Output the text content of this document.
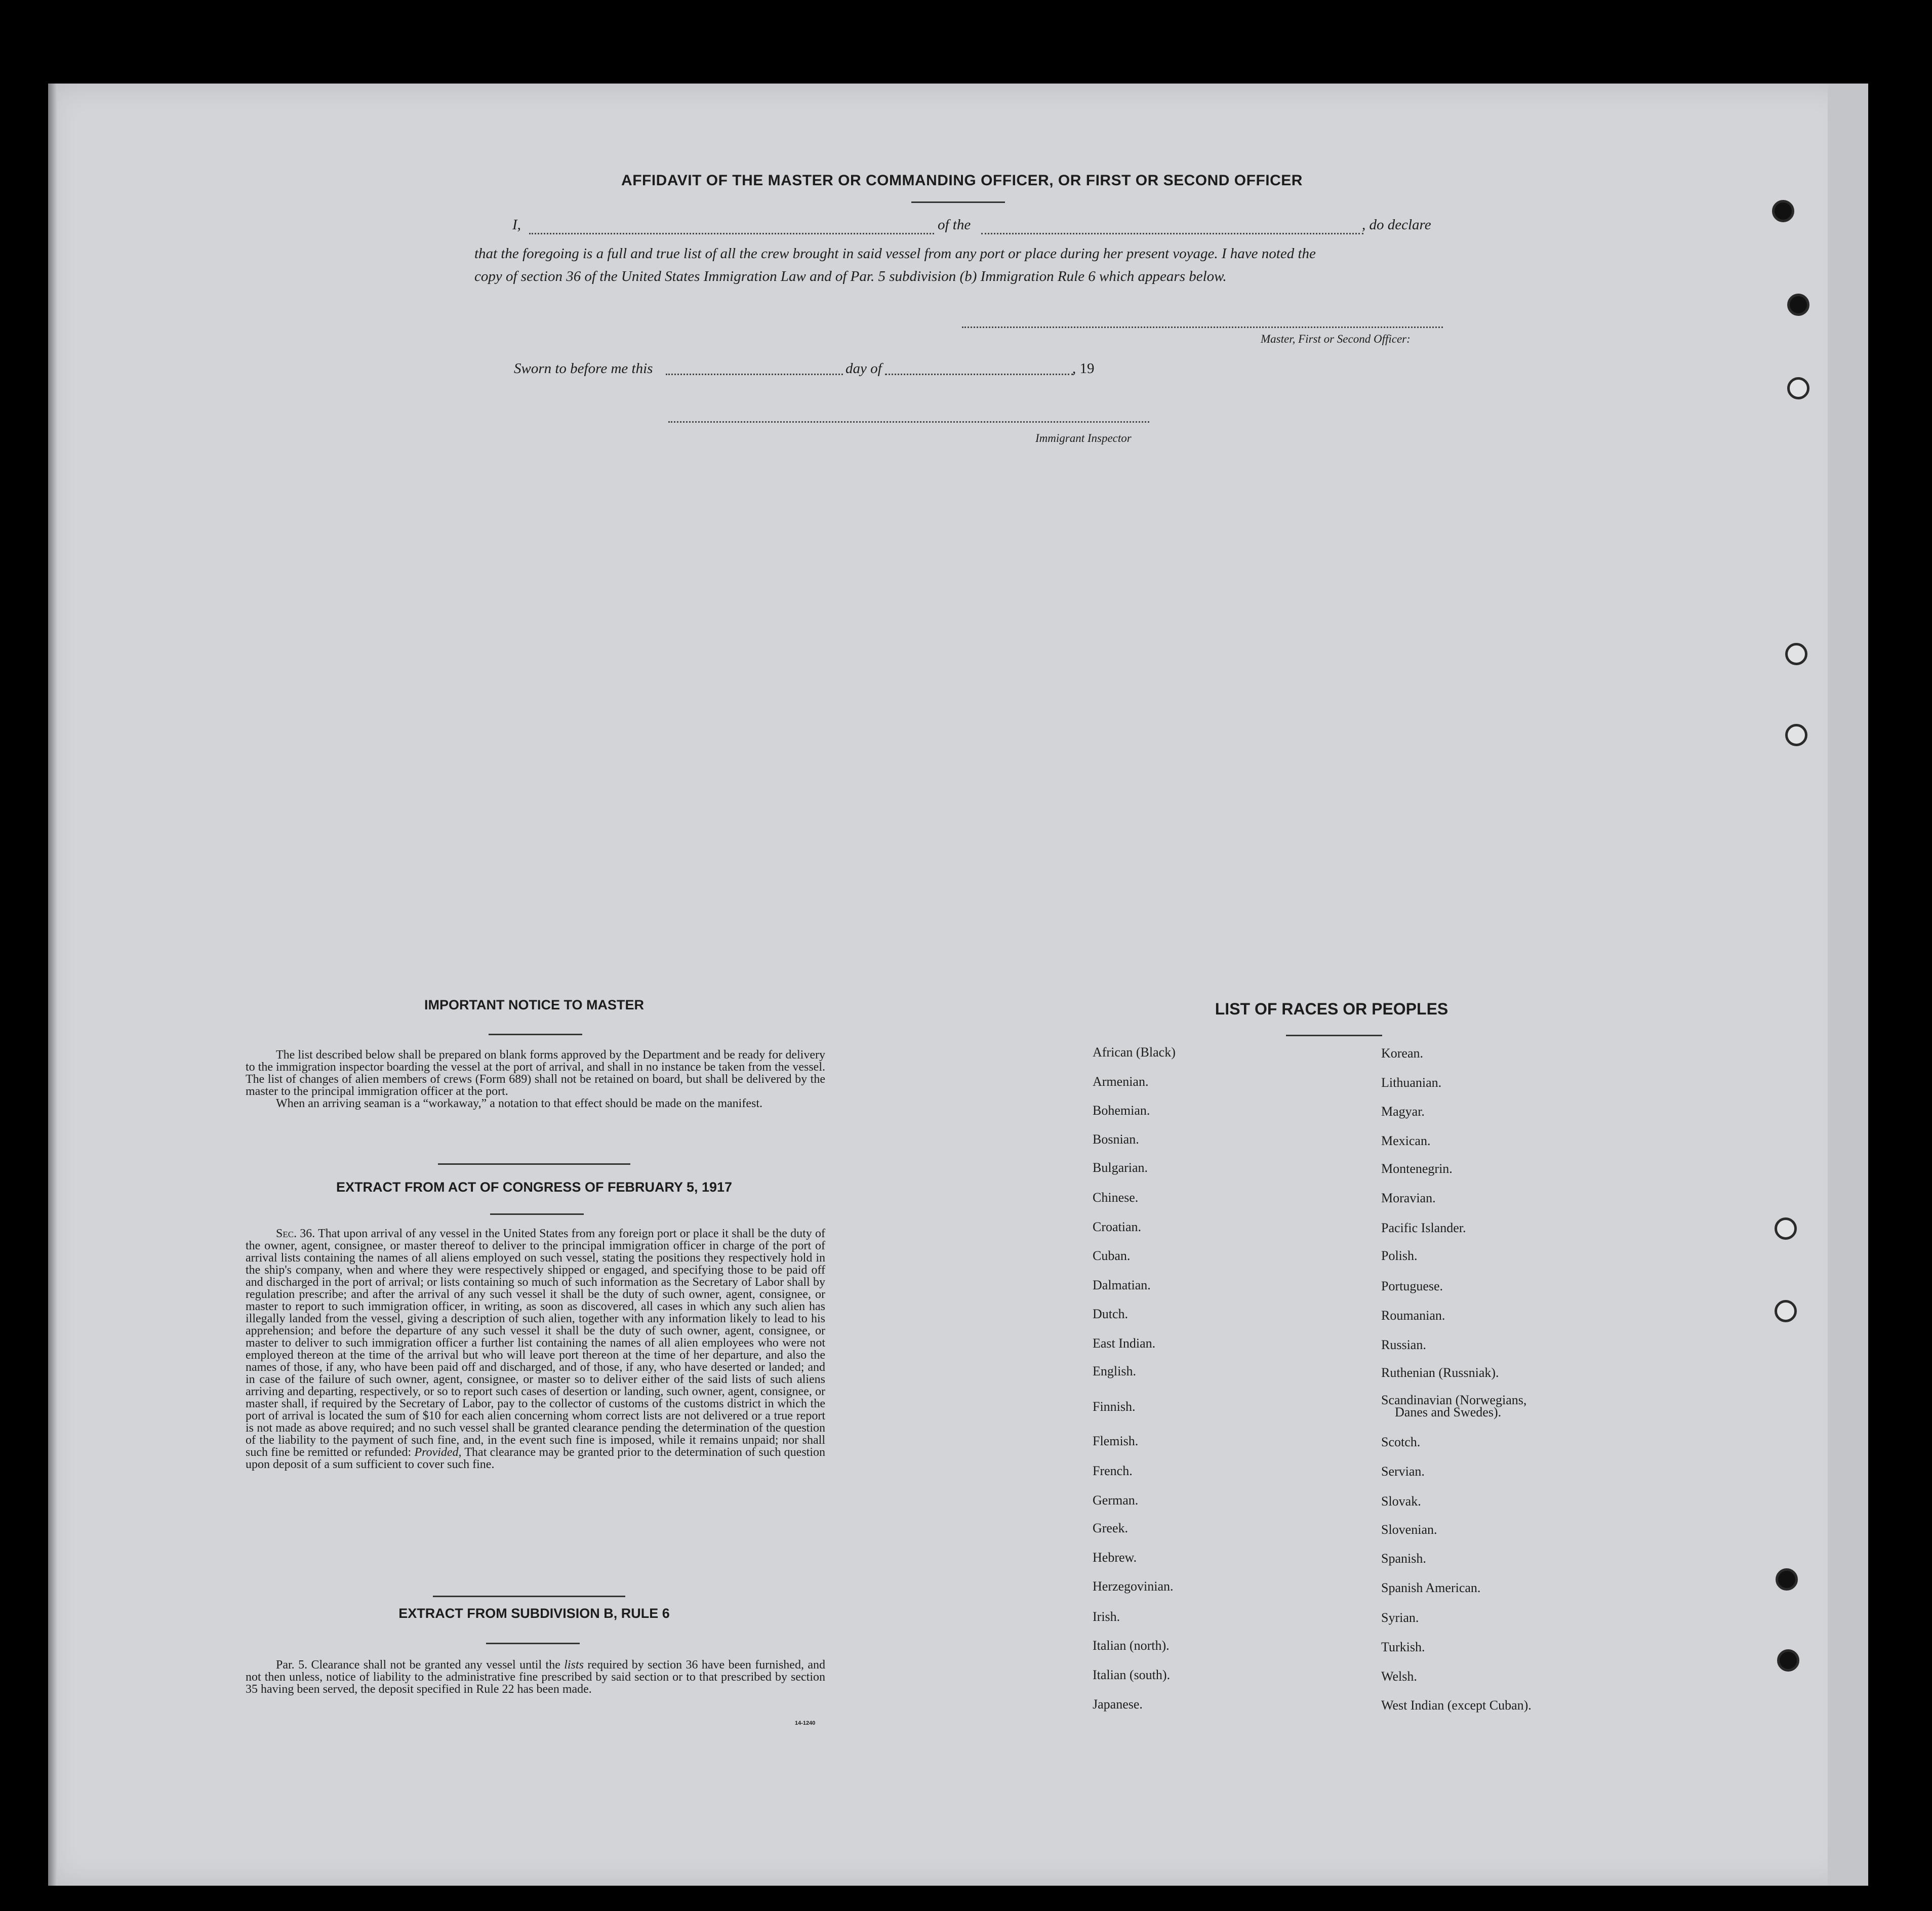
AFFIDAVIT OF THE MASTER OR COMMANDING OFFICER, OR FIRST OR SECOND OFFICER
I,	of the	, do declare
that the foregoing is a full and true list of all the crew brought in said vessel from any port or place during her present voyage. I have noted the
copy of section 36 of the United States Immigration Law and of Par. 5 subdivision (b) Immigration Rule 6 which appears below.
Master, First or Second Officer:
Sworn to before me this	day of	, 19
Immigrant Inspector
IMPORTANT NOTICE TO MASTER

The list described below shall be prepared on blank forms approved by the Department and be ready for delivery to the immigration inspector boarding the vessel at the port of arrival, and shall in no instance be taken from the vessel. The list of changes of alien members of crews (Form 689) shall not be retained on board, but shall be delivered by the master to the principal immigration officer at the port.

When an arriving seaman is a “workaway,” a notation to that effect should be made on the manifest.

EXTRACT FROM ACT OF CONGRESS OF FEBRUARY 5, 1917

Sec. 36. That upon arrival of any vessel in the United States from any foreign port or place it shall be the duty of the owner, agent, consignee, or master thereof to deliver to the principal immigration officer in charge of the port of arrival lists containing the names of all aliens employed on such vessel, stating the positions they respectively hold in the ship's company, when and where they were respectively shipped or engaged, and specifying those to be paid off and discharged in the port of arrival; or lists containing so much of such information as the Secretary of Labor shall by regulation prescribe; and after the arrival of any such vessel it shall be the duty of such owner, agent, consignee, or master to report to such immigration officer, in writing, as soon as discovered, all cases in which any such alien has illegally landed from the vessel, giving a description of such alien, together with any information likely to lead to his apprehension; and before the departure of any such vessel it shall be the duty of such owner, agent, consignee, or master to deliver to such immigration officer a further list containing the names of all alien employees who were not employed thereon at the time of the arrival but who will leave port thereon at the time of her departure, and also the names of those, if any, who have been paid off and discharged, and of those, if any, who have deserted or landed; and in case of the failure of such owner, agent, consignee, or master so to deliver either of the said lists of such aliens arriving and departing, respectively, or so to report such cases of desertion or landing, such owner, agent, consignee, or master shall, if required by the Secretary of Labor, pay to the collector of customs of the customs district in which the port of arrival is located the sum of $10 for each alien concerning whom correct lists are not delivered or a true report is not made as above required; and no such vessel shall be granted clearance pending the determination of the question of the liability to the payment of such fine, and, in the event such fine is imposed, while it remains unpaid; nor shall such fine be remitted or refunded: Provided, That clearance may be granted prior to the determination of such question upon deposit of a sum sufficient to cover such fine.

EXTRACT FROM SUBDIVISION B, RULE 6

Par. 5. Clearance shall not be granted any vessel until the lists required by section 36 have been furnished, and not then unless, notice of liability to the administrative fine prescribed by said section or to that prescribed by section 35 having been served, the deposit specified in Rule 22 has been made.

14-1240
LIST OF RACES OR PEOPLES
African (Black)
Armenian.
Bohemian.
Bosnian.
Bulgarian.
Chinese.
Croatian.
Cuban.
Dalmatian.
Dutch.
East Indian.
English.
Finnish.
Flemish.
French.
German.
Greek.
Hebrew.
Herzegovinian.
Irish.
Italian (north).
Italian (south).
Japanese.
Korean.
Lithuanian.
Magyar.
Mexican.
Montenegrin.
Moravian.
Pacific Islander.
Polish.
Portuguese.
Roumanian.
Russian.
Ruthenian (Russniak).
Scandinavian (Norwegians,
Scotch.
Servian.
Slovak.
Slovenian.
Spanish.
Spanish American.
Syrian.
Turkish.
Welsh.
West Indian (except Cuban).
Danes and Swedes).
